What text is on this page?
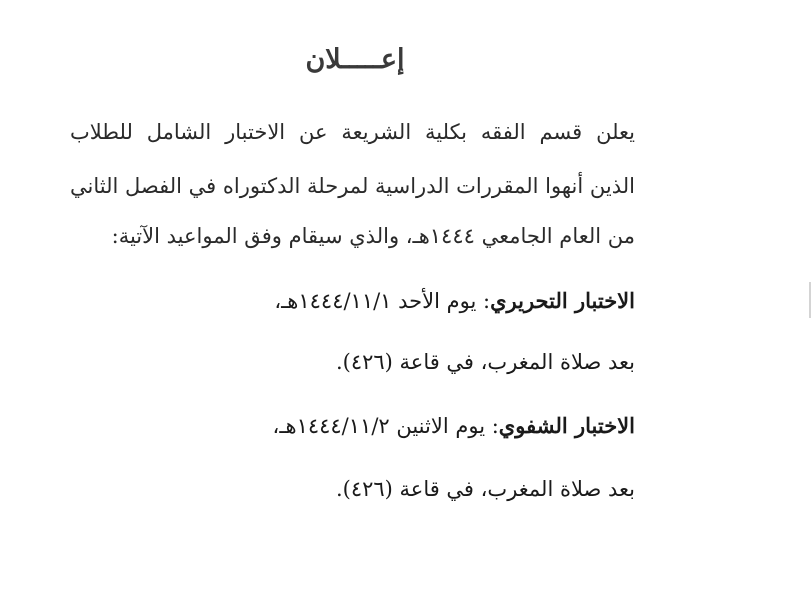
إعـــــلان
يعلن قسم الفقه بكلية الشريعة عن الاختبار الشامل للطلاب
الذين أنهوا المقررات الدراسية لمرحلة الدكتوراه في الفصل الثاني
من العام الجامعي ١٤٤٤هـ، والذي سيقام وفق المواعيد الآتية:
الاختبار التحريري: يوم الأحد ١٤٤٤/١١/١هـ،
بعد صلاة المغرب، في قاعة (٤٢٦).
الاختبار الشفوي: يوم الاثنين ١٤٤٤/١١/٢هـ،
بعد صلاة المغرب، في قاعة (٤٢٦).
